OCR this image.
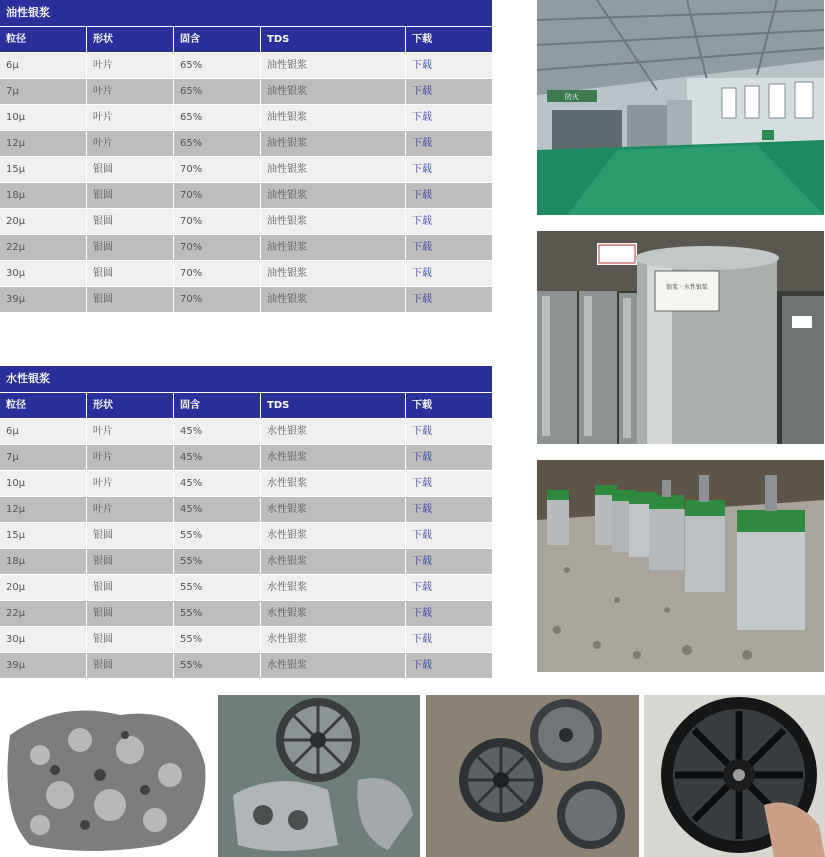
油性银浆
粒径	形状	固含	TDS	下载
6μ	叶片	65%	油性银浆	下载
7μ	叶片	65%	油性银浆	下载
10μ	叶片	65%	油性银浆	下载
12μ	叶片	65%	油性银浆	下载
15μ	银圆	70%	油性银浆	下载
18μ	银圆	70%	油性银浆	下载
20μ	银圆	70%	油性银浆	下载
22μ	银圆	70%	油性银浆	下载
30μ	银圆	70%	油性银浆	下载
39μ	银圆	70%	油性银浆	下载
水性银浆
粒径	形状	固含	TDS	下载
6μ	叶片	45%	水性银浆	下载
7μ	叶片	45%	水性银浆	下载
10μ	叶片	45%	水性银浆	下载
12μ	叶片	45%	水性银浆	下载
15μ	银圆	55%	水性银浆	下载
18μ	银圆	55%	水性银浆	下载
20μ	银圆	55%	水性银浆	下载
22μ	银圆	55%	水性银浆	下载
30μ	银圆	55%	水性银浆	下载
39μ	银圆	55%	水性银浆	下载
防火
银浆 · 水性银浆
